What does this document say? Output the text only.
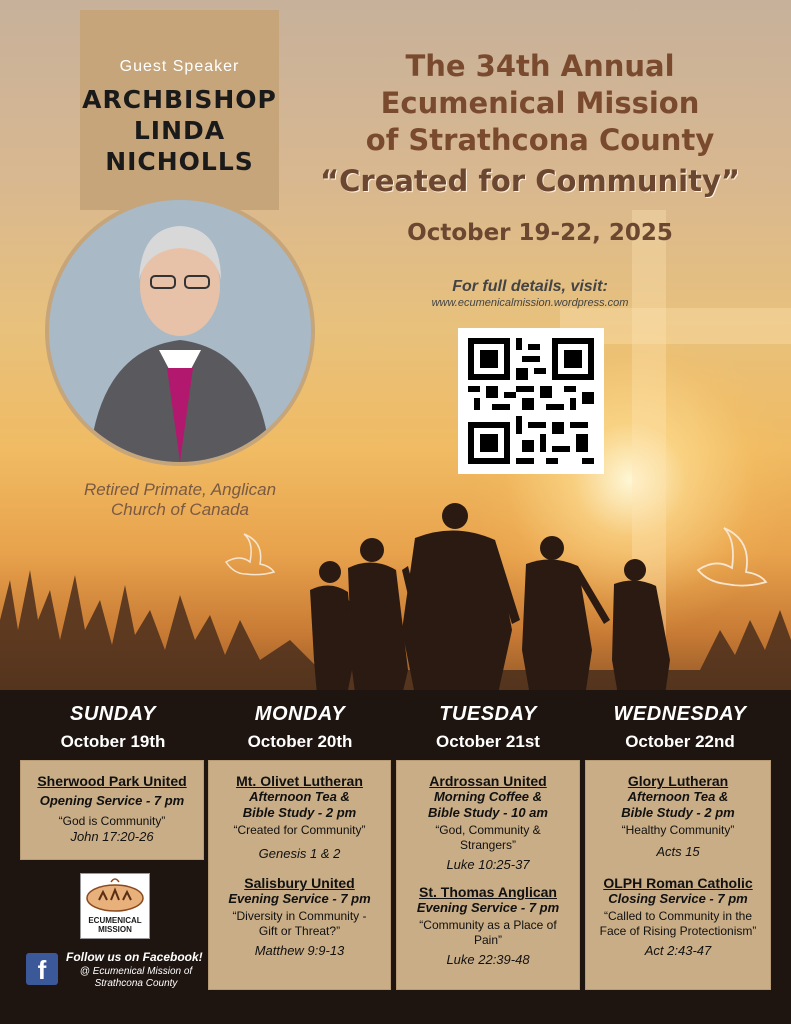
Guest Speaker
ARCHBISHOP
LINDA
NICHOLLS
Retired Primate, Anglican
Church of Canada
The 34th Annual
Ecumenical Mission
of Strathcona County
“Created for Community”
October 19-22, 2025
For full details, visit:
www.ecumenicalmission.wordpress.com
SUNDAY
October 19th
MONDAY
October 20th
TUESDAY
October 21st
WEDNESDAY
October 22nd
Sherwood Park United
Opening Service - 7 pm
“God is Community”
John 17:20-26
Mt. Olivet Lutheran
Afternoon Tea &
Bible Study - 2 pm
“Created for Community”
Genesis 1 & 2
Salisbury United
Evening Service - 7 pm
“Diversity in Community -
Gift or Threat?”
Matthew 9:9-13
Ardrossan United
Morning Coffee &
Bible Study - 10 am
“God, Community &
Strangers”
Luke 10:25-37
St. Thomas Anglican
Evening Service - 7 pm
“Community as a Place of
Pain”
Luke 22:39-48
Glory Lutheran
Afternoon Tea &
Bible Study - 2 pm
“Healthy Community”
Acts 15
OLPH Roman Catholic
Closing Service - 7 pm
“Called to Community in the
Face of Rising Protectionism”
Act 2:43-47
ECUMENICAL MISSION
f	Follow us on Facebook!
@ Ecumenical Mission of
Strathcona County
